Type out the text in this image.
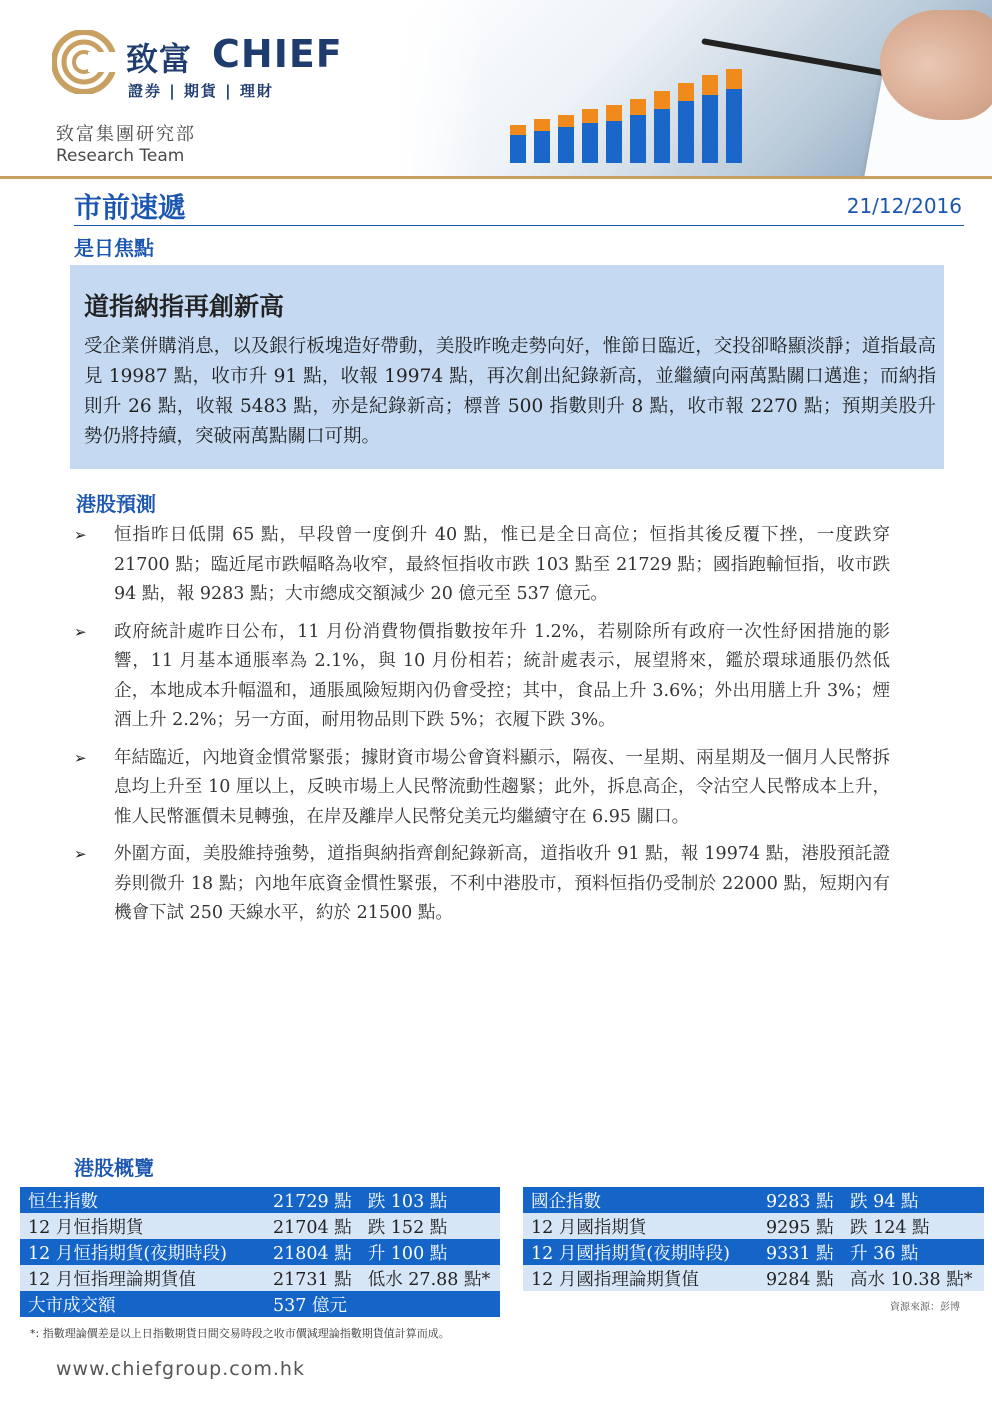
致富 CHIEF
證券 | 期貨 | 理財
致富集團研究部
Research Team
市前速遞	21/12/2016
是日焦點
道指納指再創新高
受企業併購消息，以及銀行板塊造好帶動，美股昨晚走勢向好，惟節日臨近，交投卻略顯淡靜；道指最高見 19987 點，收市升 91 點，收報 19974 點，再次創出紀錄新高，並繼續向兩萬點關口邁進；而納指則升 26 點，收報 5483 點，亦是紀錄新高；標普 500 指數則升 8 點，收市報 2270 點；預期美股升勢仍將持續，突破兩萬點關口可期。
港股預測
➢ 恒指昨日低開 65 點，早段曾一度倒升 40 點，惟已是全日高位；恒指其後反覆下挫，一度跌穿 21700 點；臨近尾市跌幅略為收窄，最終恒指收市跌 103 點至 21729 點；國指跑輸恒指，收市跌 94 點，報 9283 點；大市總成交額減少 20 億元至 537 億元。
➢ 政府統計處昨日公布，11 月份消費物價指數按年升 1.2%，若剔除所有政府一次性紓困措施的影響，11 月基本通脹率為 2.1%，與 10 月份相若；統計處表示，展望將來，鑑於環球通脹仍然低企，本地成本升幅溫和，通脹風險短期內仍會受控；其中，食品上升 3.6%；外出用膳上升 3%；煙酒上升 2.2%；另一方面，耐用物品則下跌 5%；衣履下跌 3%。
➢ 年結臨近，內地資金慣常緊張；據財資市場公會資料顯示，隔夜、一星期、兩星期及一個月人民幣拆息均上升至 10 厘以上，反映市場上人民幣流動性趨緊；此外，拆息高企，令沽空人民幣成本上升，惟人民幣滙價未見轉強，在岸及離岸人民幣兌美元均繼續守在 6.95 關口。
➢ 外圍方面，美股維持強勢，道指與納指齊創紀錄新高，道指收升 91 點，報 19974 點，港股預託證券則微升 18 點；內地年底資金慣性緊張，不利中港股市，預料恒指仍受制於 22000 點，短期內有機會下試 250 天線水平，約於 21500 點。
港股概覽
恒生指數	21729 點	跌 103 點
12 月恒指期貨	21704 點	跌 152 點
12 月恒指期貨(夜期時段)	21804 點	升 100 點
12 月恒指理論期貨值	21731 點	低水 27.88 點*
大市成交額	537 億元	
國企指數	9283 點	跌 94 點
12 月國指期貨	9295 點	跌 124 點
12 月國指期貨(夜期時段)	9331 點	升 36 點
12 月國指理論期貨值	9284 點	高水 10.38 點*
資源來源：彭博
*: 指數理論價差是以上日指數期貨日間交易時段之收市價減理論指數期貨值計算而成。
www.chiefgroup.com.hk
